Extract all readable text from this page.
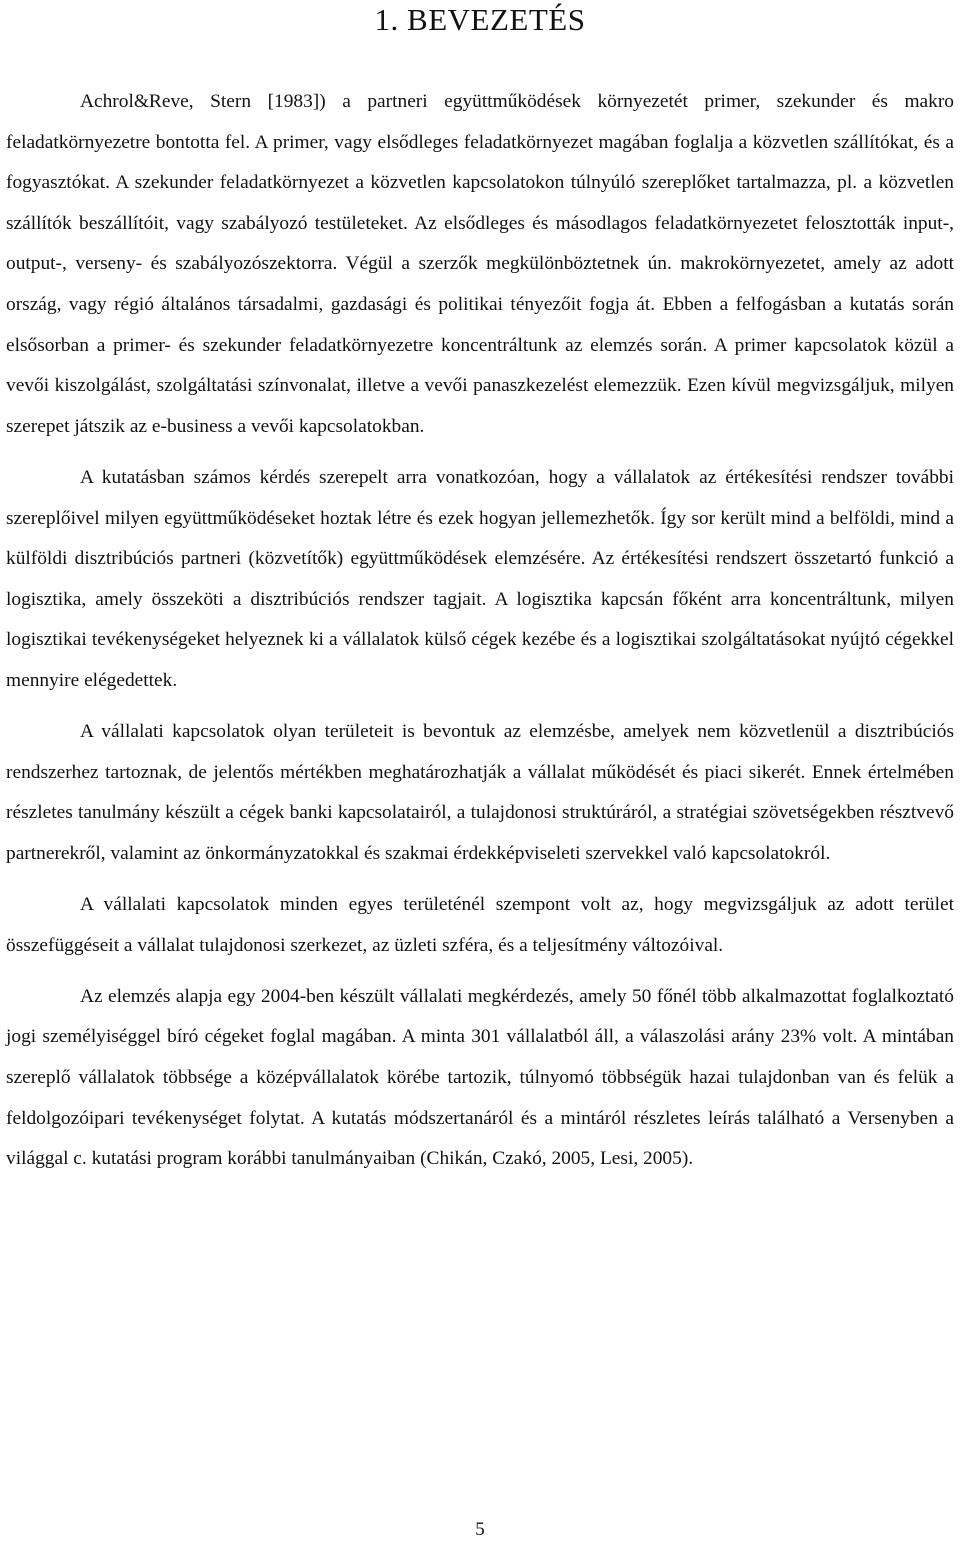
1. BEVEZETÉS

Achrol&Reve, Stern [1983]) a partneri együttműködések környezetét primer, szekunder és makro feladatkörnyezetre bontotta fel. A primer, vagy elsődleges feladatkörnyezet magában foglalja a közvetlen szállítókat, és a fogyasztókat. A szekunder feladatkörnyezet a közvetlen kapcsolatokon túlnyúló szereplőket tartalmazza, pl. a közvetlen szállítók beszállítóit, vagy szabályozó testületeket. Az elsődleges és másodlagos feladatkörnyezetet felosztották input-, output-, verseny- és szabályozószektorra. Végül a szerzők megkülönböztetnek ún. makrokörnyezetet, amely az adott ország, vagy régió általános társadalmi, gazdasági és politikai tényezőit fogja át. Ebben a felfogásban a kutatás során elsősorban a primer- és szekunder feladatkörnyezetre koncentráltunk az elemzés során. A primer kapcsolatok közül a vevői kiszolgálást, szolgáltatási színvonalat, illetve a vevői panaszkezelést elemezzük. Ezen kívül megvizsgáljuk, milyen szerepet játszik az e-business a vevői kapcsolatokban.

A kutatásban számos kérdés szerepelt arra vonatkozóan, hogy a vállalatok az értékesítési rendszer további szereplőivel milyen együttműködéseket hoztak létre és ezek hogyan jellemezhetők. Így sor került mind a belföldi, mind a külföldi disztribúciós partneri (közvetítők) együttműködések elemzésére. Az értékesítési rendszert összetartó funkció a logisztika, amely összeköti a disztribúciós rendszer tagjait. A logisztika kapcsán főként arra koncentráltunk, milyen logisztikai tevékenységeket helyeznek ki a vállalatok külső cégek kezébe és a logisztikai szolgáltatásokat nyújtó cégekkel mennyire elégedettek.

A vállalati kapcsolatok olyan területeit is bevontuk az elemzésbe, amelyek nem közvetlenül a disztribúciós rendszerhez tartoznak, de jelentős mértékben meghatározhatják a vállalat működését és piaci sikerét. Ennek értelmében részletes tanulmány készült a cégek banki kapcsolatairól, a tulajdonosi struktúráról, a stratégiai szövetségekben résztvevő partnerekről, valamint az önkormányzatokkal és szakmai érdekképviseleti szervekkel való kapcsolatokról.

A vállalati kapcsolatok minden egyes területénél szempont volt az, hogy megvizsgáljuk az adott terület összefüggéseit a vállalat tulajdonosi szerkezet, az üzleti szféra, és a teljesítmény változóival.

Az elemzés alapja egy 2004-ben készült vállalati megkérdezés, amely 50 főnél több alkalmazottat foglalkoztató jogi személyiséggel bíró cégeket foglal magában. A minta 301 vállalatból áll, a válaszolási arány 23% volt. A mintában szereplő vállalatok többsége a középvállalatok körébe tartozik, túlnyomó többségük hazai tulajdonban van és felük a feldolgozóipari tevékenységet folytat. A kutatás módszertanáról és a mintáról részletes leírás található a Versenyben a világgal c. kutatási program korábbi tanulmányaiban (Chikán, Czakó, 2005, Lesi, 2005).

5
